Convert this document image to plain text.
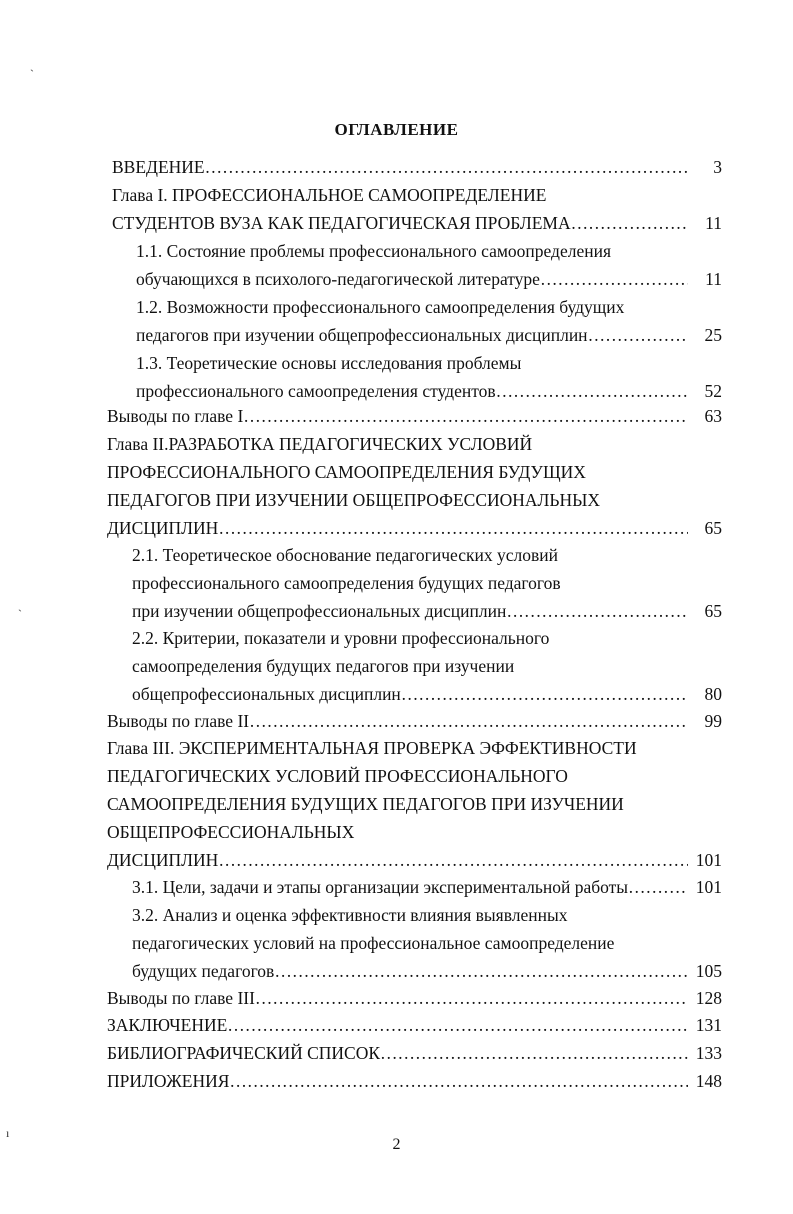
ОГЛАВЛЕНИЕ
ВВЕДЕНИЕ ……………………………………………………………………………………………………………………………………………………	3
Глава I. ПРОФЕССИОНАЛЬНОЕ САМООПРЕДЕЛЕНИЕ
СТУДЕНТОВ ВУЗА КАК ПЕДАГОГИЧЕСКАЯ ПРОБЛЕМА ……………………………………………………………………………………………………………………………………………………	11
1.1. Состояние проблемы профессионального самоопределения
обучающихся в психолого-педагогической литературе ……………………………………………………………………………………………………………………………………………………	11
1.2. Возможности профессионального самоопределения будущих
педагогов при изучении общепрофессиональных дисциплин ……………………………………………………………………………………………………………………………………………………	25
1.3. Теоретические основы исследования проблемы
профессионального самоопределения студентов ……………………………………………………………………………………………………………………………………………………	52
Выводы по главе I ……………………………………………………………………………………………………………………………………………………	63
Глава II.РАЗРАБОТКА ПЕДАГОГИЧЕСКИХ УСЛОВИЙ
ПРОФЕССИОНАЛЬНОГО САМООПРЕДЕЛЕНИЯ БУДУЩИХ
ПЕДАГОГОВ ПРИ ИЗУЧЕНИИ ОБЩЕПРОФЕССИОНАЛЬНЫХ
ДИСЦИПЛИН ……………………………………………………………………………………………………………………………………………………	65
2.1. Теоретическое обоснование педагогических условий
профессионального самоопределения будущих педагогов
при изучении общепрофессиональных дисциплин ……………………………………………………………………………………………………………………………………………………	65
2.2. Критерии, показатели и уровни профессионального
самоопределения будущих педагогов при изучении
общепрофессиональных дисциплин ……………………………………………………………………………………………………………………………………………………	80
Выводы по главе II ……………………………………………………………………………………………………………………………………………………	99
Глава III. ЭКСПЕРИМЕНТАЛЬНАЯ ПРОВЕРКА ЭФФЕКТИВНОСТИ
ПЕДАГОГИЧЕСКИХ УСЛОВИЙ ПРОФЕССИОНАЛЬНОГО
САМООПРЕДЕЛЕНИЯ БУДУЩИХ ПЕДАГОГОВ ПРИ ИЗУЧЕНИИ
ОБЩЕПРОФЕССИОНАЛЬНЫХ
ДИСЦИПЛИН ……………………………………………………………………………………………………………………………………………………	101
3.1. Цели, задачи и этапы организации экспериментальной работы ……………………………………………………………………………………………………………………………………………………	101
3.2. Анализ и оценка эффективности влияния выявленных
педагогических условий на профессиональное самоопределение
будущих педагогов ……………………………………………………………………………………………………………………………………………………	105
Выводы по главе III ……………………………………………………………………………………………………………………………………………………	128
ЗАКЛЮЧЕНИЕ ……………………………………………………………………………………………………………………………………………………	131
БИБЛИОГРАФИЧЕСКИЙ СПИСОК ……………………………………………………………………………………………………………………………………………………	133
ПРИЛОЖЕНИЯ ……………………………………………………………………………………………………………………………………………………	148
2
ˎ
ˎ
ı
